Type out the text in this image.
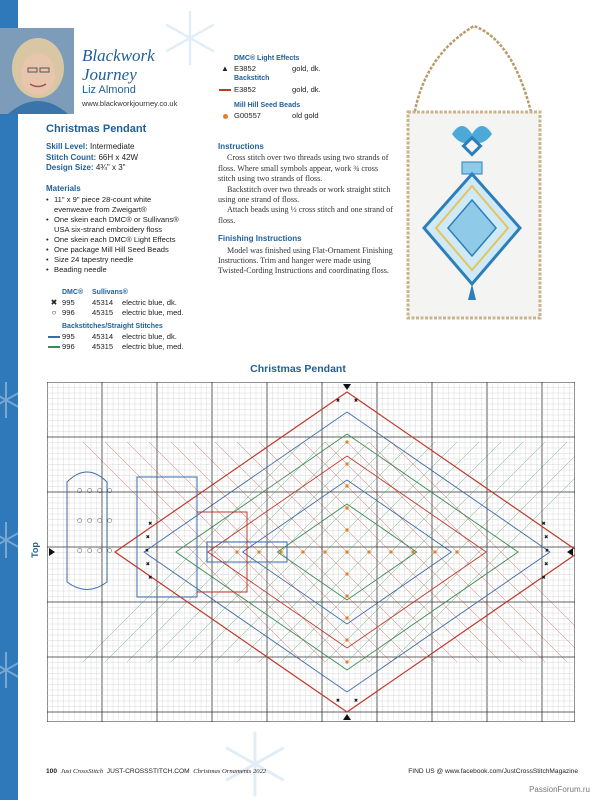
Blackwork
Journey
Liz Almond
www.blackworkjourney.co.uk
Christmas Pendant
Skill Level: Intermediate
Stitch Count: 66H x 42W
Design Size: 4¾" x 3"
Materials
• 11" x 9" piece 28-count white
evenweave from Zweigart®
• One skein each DMC® or Sullivans®
USA six-strand embroidery floss
• One skein each DMC® Light Effects
• One package Mill Hill Seed Beads
• Size 24 tapestry needle
• Beading needle
DMC®	Sullivans®
✖ 995	45314	electric blue, dk.
○ 996	45315	electric blue, med.
Backstitches/Straight Stitches
995	45314	electric blue, dk.
996	45315	electric blue, med.
DMC® Light Effects
▲ E3852	gold, dk.
Backstitch
E3852	gold, dk.
Mill Hill Seed Beads
G00557	old gold
Instructions

Cross stitch over two threads using two strands of floss. Where small symbols appear, work ¾ cross stitch using two strands of floss.

Backstitch over two threads or work straight stitch using one strand of floss.

Attach beads using ½ cross stitch and one strand of floss.

Finishing Instructions

Model was finished using Flat-Ornament Finishing Instructions. Trim and hanger were made using Twisted-Cording Instructions and coordinating floss.

Christmas Pendant
Top	✖
✖
✖
✖
✖
✖
✖
✖
✖
✖
✖	✖
✖
✖
○ ○ ○ ○
○ ○ ○ ○
○ ○ ○ ○
100 Just CrossStitch JUST-CROSSSTITCH.COM Christmas Ornaments 2022	FIND US @ www.facebook.com/JustCrossStitchMagazine
PassionForum.ru
